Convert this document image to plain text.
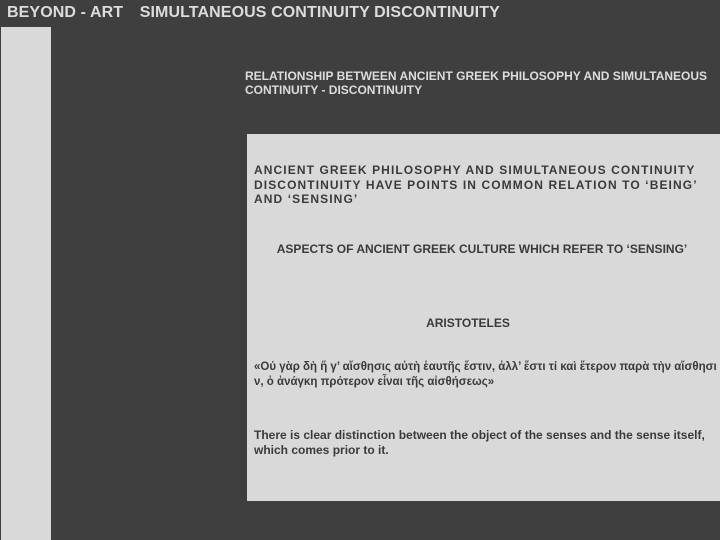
BEYOND - ART SIMULTANEOUS CONTINUITY DISCONTINUITY
RELATIONSHIP BETWEEN ANCIENT GREEK PHILOSOPHY AND SIMULTANEOUS CONTINUITY - DISCONTINUITY
ANCIENT GREEK PHILOSOPHY AND SIMULTANEOUS CONTINUITY DISCONTINUITY HAVE POINTS IN COMMON RELATION TO ‘BEING’ AND ‘SENSING’
ASPECTS OF ANCIENT GREEK CULTURE WHICH REFER TO ‘SENSING’
ARISTOTELES
«Ού γὰρ δὴ ἥ γ’ αἴσθησις αὐτὴ ἑαυτῆς ἔστιν, ἀλλ’ ἔστι τί καὶ ἕτερον παρὰ τὴν αἴσθησιν, ὁ ἀνάγκη πρότερον εἶναι τῆς αἰσθήσεως»
There is clear distinction between the object of the senses and the sense itself, which comes prior to it.
